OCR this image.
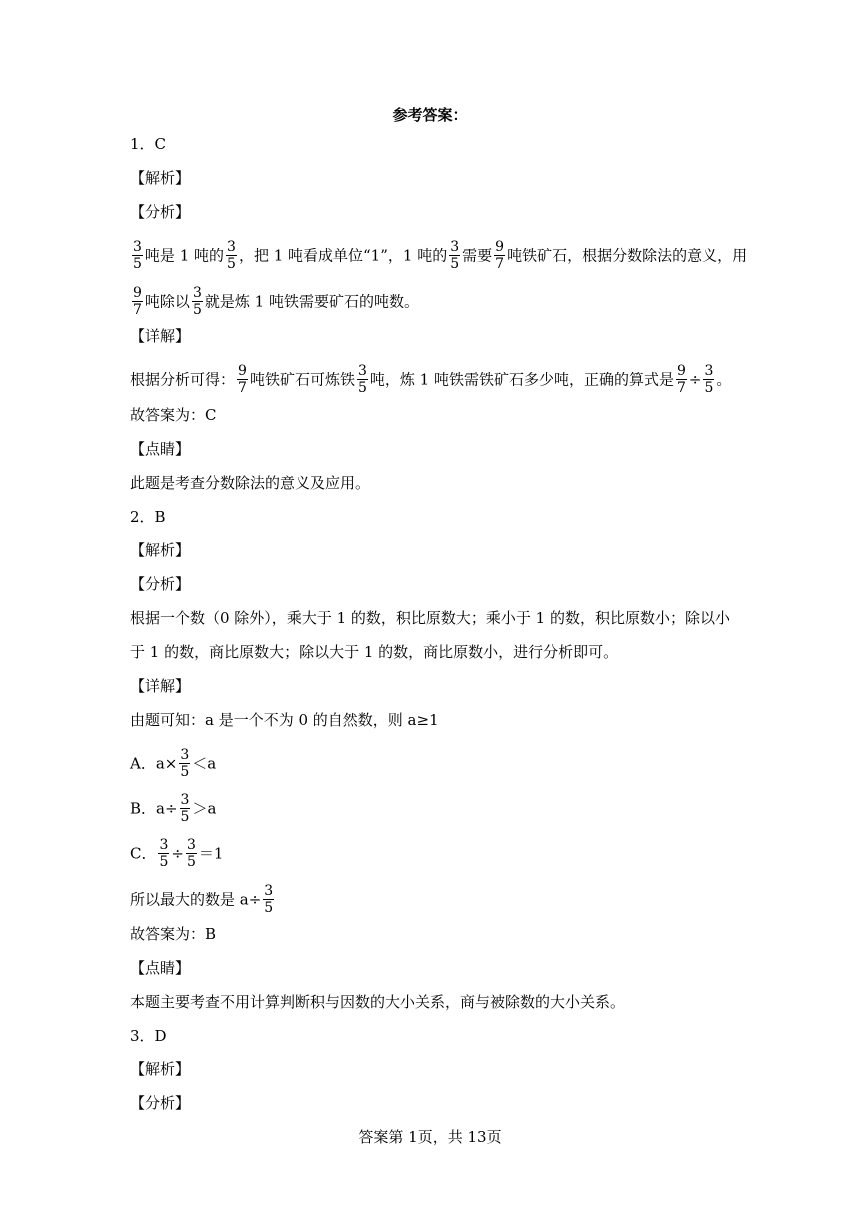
参考答案：
1．C
【解析】
【分析】
$\frac{3}{5}$ 吨是 1 吨的 $\frac{3}{5}$ ，把 1 吨看成单位“1”，1 吨的 $\frac{3}{5}$ 需要 $\frac{9}{7}$ 吨铁矿石，根据分数除法的意义，用
$\frac{9}{7}$ 吨除以 $\frac{3}{5}$ 就是炼 1 吨铁需要矿石的吨数。
【详解】
根据分析可得： $\frac{9}{7}$ 吨铁矿石可炼铁 $\frac{3}{5}$ 吨，炼 1 吨铁需铁矿石多少吨，正确的算式是 $\frac{9}{7} \div \frac{3}{5}$ 。
故答案为：C
【点睛】
此题是考查分数除法的意义及应用。
2．B
【解析】
【分析】
根据一个数（0 除外），乘大于 1 的数，积比原数大；乘小于 1 的数，积比原数小；除以小
于 1 的数，商比原数大；除以大于 1 的数，商比原数小，进行分析即可。
【详解】
由题可知：a 是一个不为 0 的自然数，则 a≥1
A．$a\times \frac{3}{5} <a$
B．$a\div \frac{3}{5} >a$
C． $\frac{3}{5} \div \frac{3}{5} =1$
所以最大的数是 $a\div \frac{3}{5}$
故答案为：B
【点睛】
本题主要考查不用计算判断积与因数的大小关系，商与被除数的大小关系。
3．D
【解析】
【分析】
答案第 1页，共 13页
